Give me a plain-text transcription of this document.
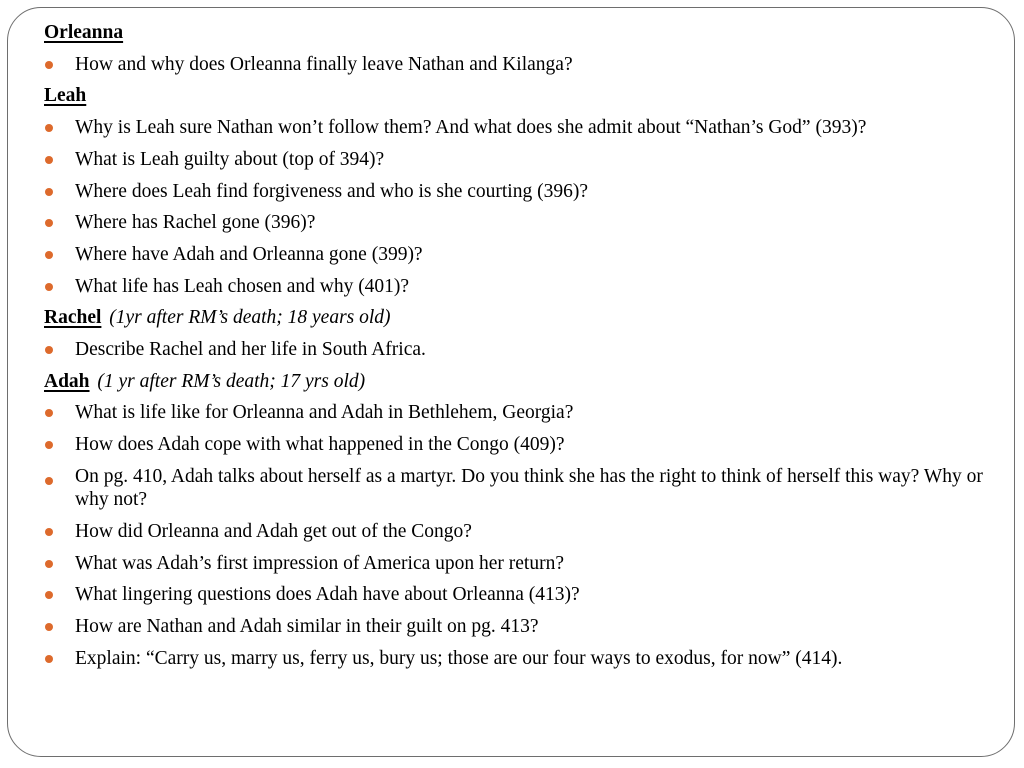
Orleanna
How and why does Orleanna finally leave Nathan and Kilanga?
Leah
Why is Leah sure Nathan won’t follow them? And what does she admit about “Nathan’s God” (393)?
What is Leah guilty about (top of 394)?
Where does Leah find forgiveness and who is she courting (396)?
Where has Rachel gone (396)?
Where have Adah and Orleanna gone (399)?
What life has Leah chosen and why (401)?
Rachel (1yr after RM’s death; 18 years old)
Describe Rachel and her life in South Africa.
Adah (1 yr after RM’s death; 17 yrs old)
What is life like for Orleanna and Adah in Bethlehem, Georgia?
How does Adah cope with what happened in the Congo (409)?
On pg. 410, Adah talks about herself as a martyr. Do you think she has the right to think of herself this way? Why or why not?
How did Orleanna and Adah get out of the Congo?
What was Adah’s first impression of America upon her return?
What lingering questions does Adah have about Orleanna (413)?
How are Nathan and Adah similar in their guilt on pg. 413?
Explain: “Carry us, marry us, ferry us, bury us; those are our four ways to exodus, for now” (414).
